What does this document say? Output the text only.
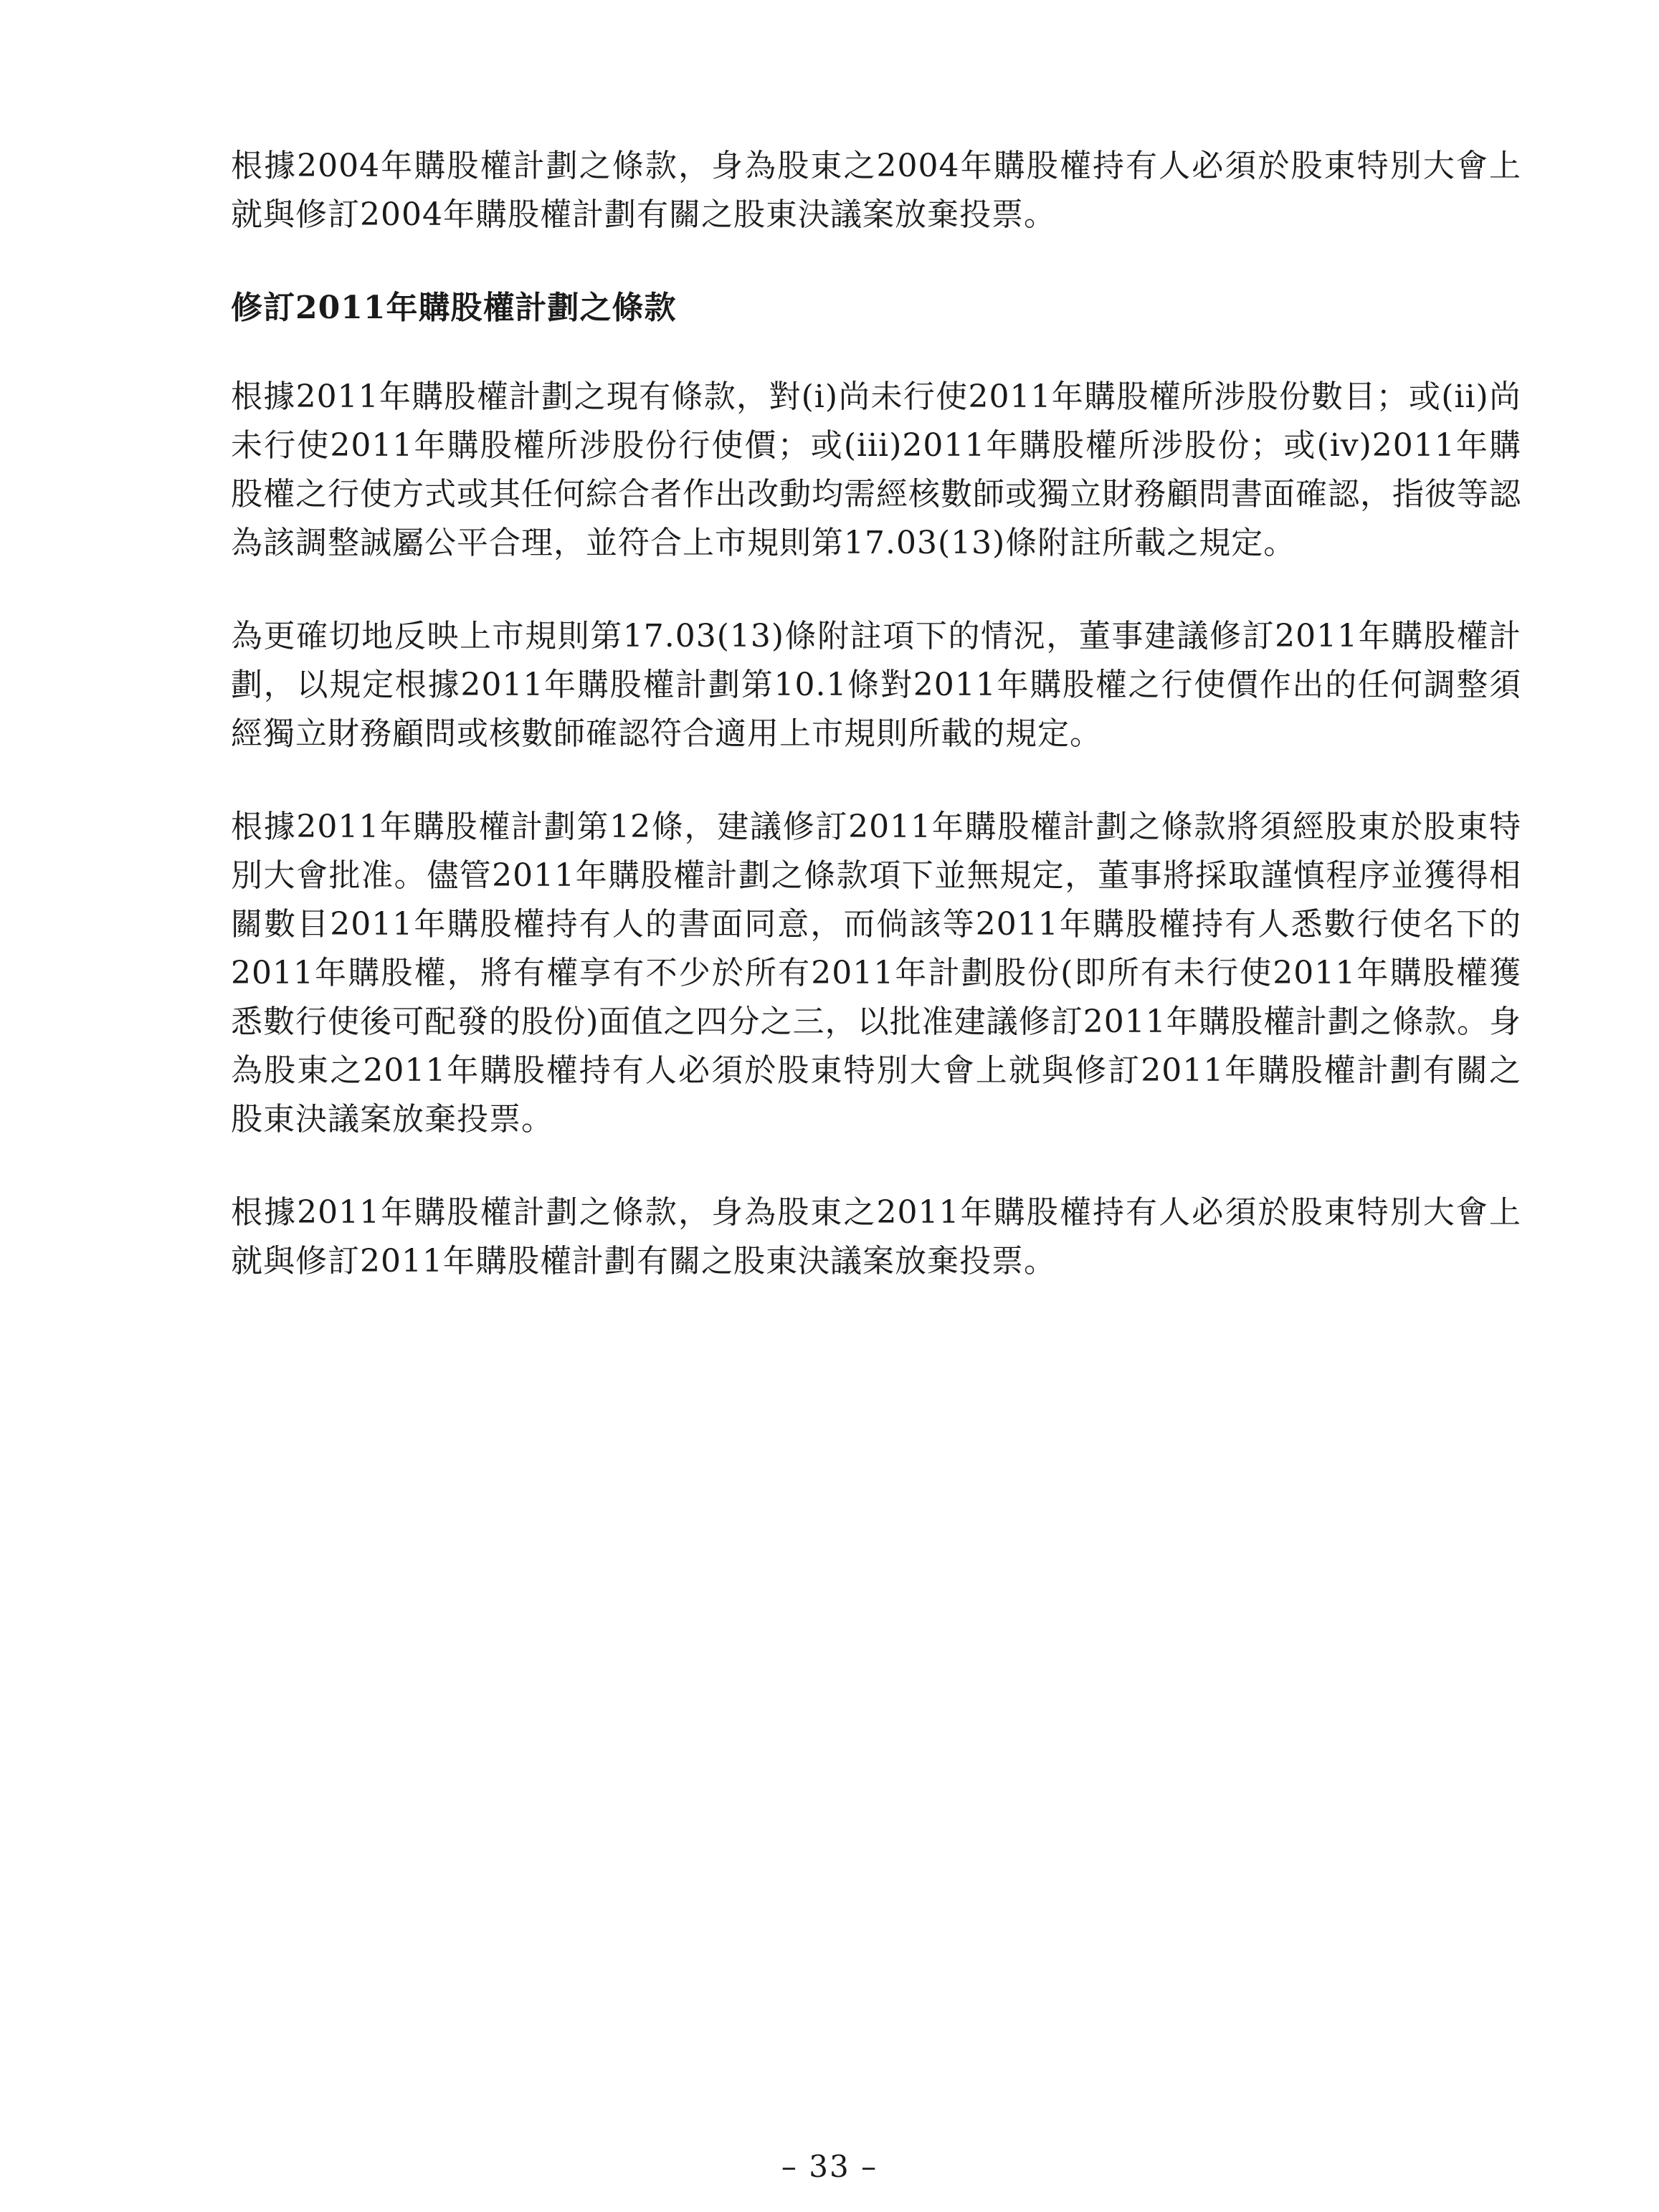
根據2004年購股權計劃之條款，身為股東之2004年購股權持有人必須於股東特別大會上就與修訂2004年購股權計劃有關之股東決議案放棄投票。

修訂2011年購股權計劃之條款

根據2011年購股權計劃之現有條款，對(i)尚未行使2011年購股權所涉股份數目；或(ii)尚未行使2011年購股權所涉股份行使價；或(iii)2011年購股權所涉股份；或(iv)2011年購股權之行使方式或其任何綜合者作出改動均需經核數師或獨立財務顧問書面確認，指彼等認為該調整誠屬公平合理，並符合上市規則第17.03(13)條附註所載之規定。

為更確切地反映上市規則第17.03(13)條附註項下的情況，董事建議修訂2011年購股權計劃，以規定根據2011年購股權計劃第10.1條對2011年購股權之行使價作出的任何調整須經獨立財務顧問或核數師確認符合適用上市規則所載的規定。

根據2011年購股權計劃第12條，建議修訂2011年購股權計劃之條款將須經股東於股東特別大會批准。儘管2011年購股權計劃之條款項下並無規定，董事將採取謹慎程序並獲得相關數目2011年購股權持有人的書面同意，而倘該等2011年購股權持有人悉數行使名下的2011年購股權，將有權享有不少於所有2011年計劃股份(即所有未行使2011年購股權獲悉數行使後可配發的股份)面值之四分之三，以批准建議修訂2011年購股權計劃之條款。身為股東之2011年購股權持有人必須於股東特別大會上就與修訂2011年購股權計劃有關之股東決議案放棄投票。

根據2011年購股權計劃之條款，身為股東之2011年購股權持有人必須於股東特別大會上就與修訂2011年購股權計劃有關之股東決議案放棄投票。

– 33 –
